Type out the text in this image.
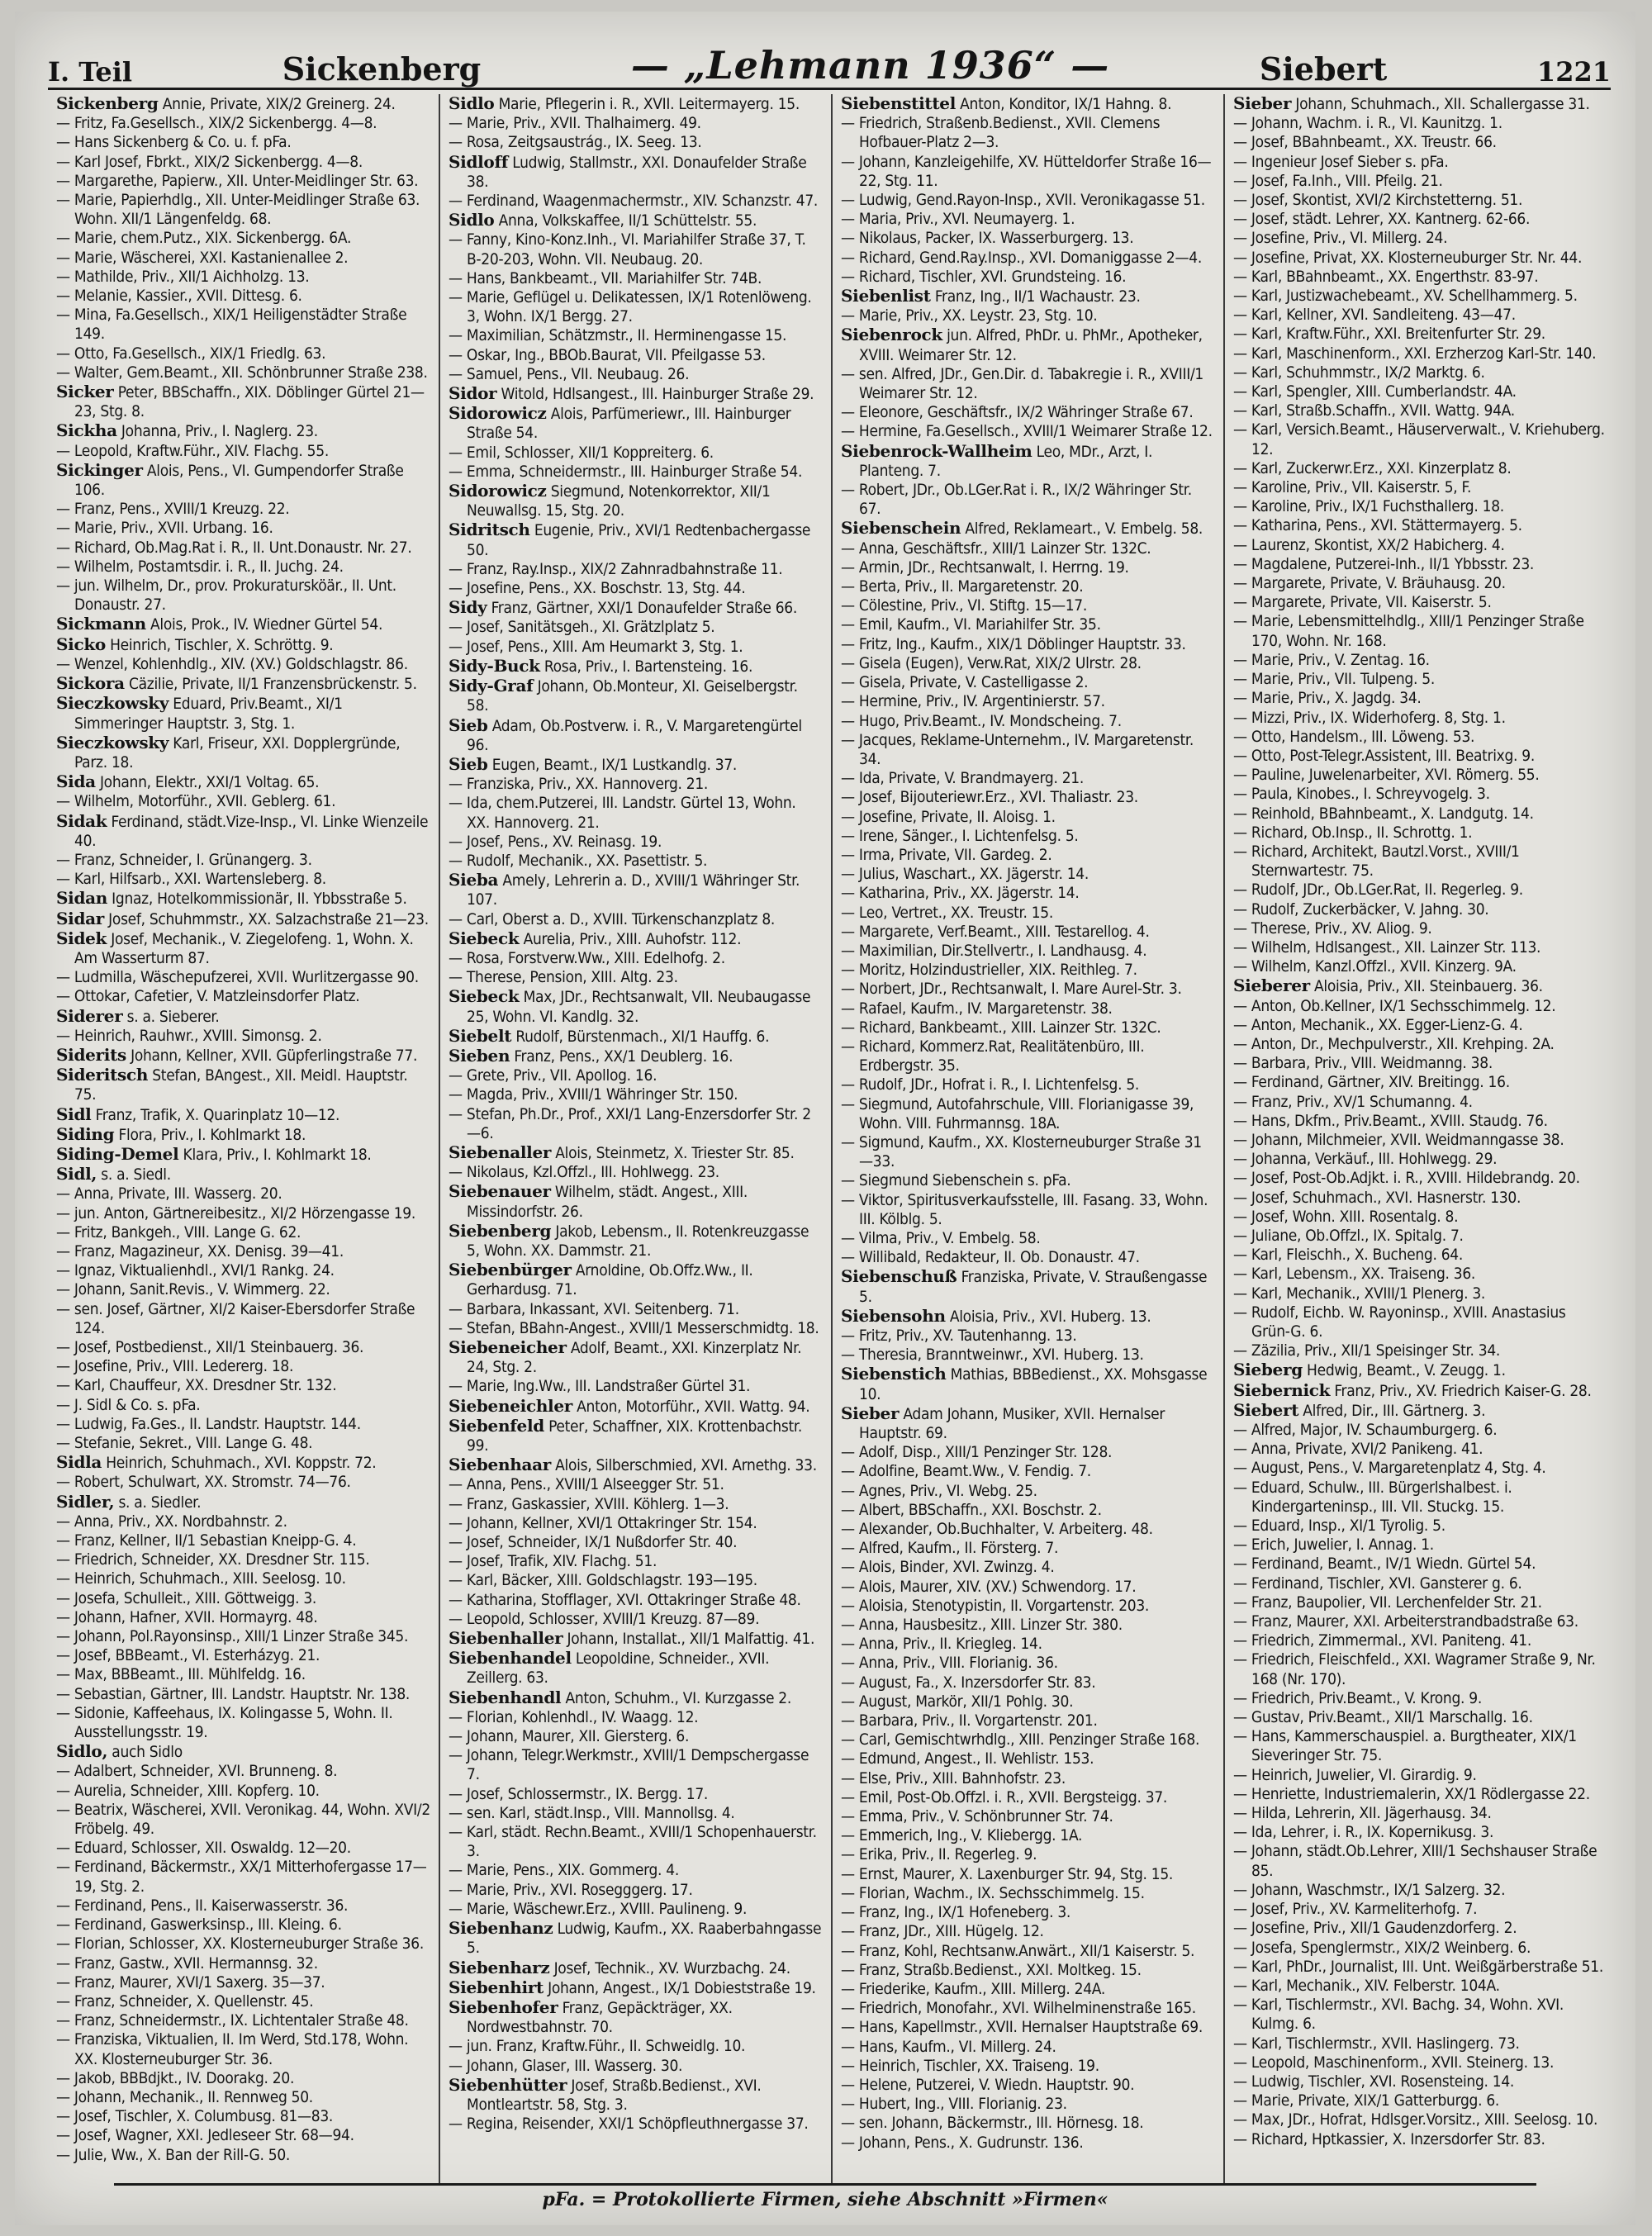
I. Teil	Sickenberg	— „Lehmann 1936“ —	Siebert	1221
Sickenberg Annie, Private, XIX/2 Greinerg. 24.
— Fritz, Fa.Gesellsch., XIX/2 Sickenbergg. 4—8.
— Hans Sickenberg & Co. u. f. pFa.
— Karl Josef, Fbrkt., XIX/2 Sickenbergg. 4—8.
— Margarethe, Papierw., XII. Unter-Meidlinger Str. 63.
— Marie, Papierhdlg., XII. Unter-Meidlinger Straße 63. Wohn. XII/1 Längenfeldg. 68.
— Marie, chem.Putz., XIX. Sickenbergg. 6A.
— Marie, Wäscherei, XXI. Kastanienallee 2.
— Mathilde, Priv., XII/1 Aichholzg. 13.
— Melanie, Kassier., XVII. Dittesg. 6.
— Mina, Fa.Gesellsch., XIX/1 Heiligenstädter Straße 149.
— Otto, Fa.Gesellsch., XIX/1 Friedlg. 63.
— Walter, Gem.Beamt., XII. Schönbrunner Straße 238.
Sicker Peter, BBSchaffn., XIX. Döblinger Gürtel 21—23, Stg. 8.
Sickha Johanna, Priv., I. Naglerg. 23.
— Leopold, Kraftw.Führ., XIV. Flachg. 55.
Sickinger Alois, Pens., VI. Gumpendorfer Straße 106.
— Franz, Pens., XVIII/1 Kreuzg. 22.
— Marie, Priv., XVII. Urbang. 16.
— Richard, Ob.Mag.Rat i. R., II. Unt.Donaustr. Nr. 27.
— Wilhelm, Postamtsdir. i. R., II. Juchg. 24.
— jun. Wilhelm, Dr., prov. Prokuratursköär., II. Unt. Donaustr. 27.
Sickmann Alois, Prok., IV. Wiedner Gürtel 54.
Sicko Heinrich, Tischler, X. Schröttg. 9.
— Wenzel, Kohlenhdlg., XIV. (XV.) Goldschlagstr. 86.
Sickora Cäzilie, Private, II/1 Franzensbrückenstr. 5.
Sieczkowsky Eduard, Priv.Beamt., XI/1 Simmeringer Hauptstr. 3, Stg. 1.
Sieczkowsky Karl, Friseur, XXI. Dopplergründe, Parz. 18.
Sida Johann, Elektr., XXI/1 Voltag. 65.
— Wilhelm, Motorführ., XVII. Geblerg. 61.
Sidak Ferdinand, städt.Vize-Insp., VI. Linke Wienzeile 40.
— Franz, Schneider, I. Grünangerg. 3.
— Karl, Hilfsarb., XXI. Wartensleberg. 8.
Sidan Ignaz, Hotelkommissionär, II. Ybbsstraße 5.
Sidar Josef, Schuhmmstr., XX. Salzachstraße 21—23.
Sidek Josef, Mechanik., V. Ziegelofeng. 1, Wohn. X. Am Wasserturm 87.
— Ludmilla, Wäschepufzerei, XVII. Wurlitzergasse 90.
— Ottokar, Cafetier, V. Matzleinsdorfer Platz.
Siderer s. a. Sieberer.
— Heinrich, Rauhwr., XVIII. Simonsg. 2.
Siderits Johann, Kellner, XVII. Güpferlingstraße 77.
Sideritsch Stefan, BAngest., XII. Meidl. Hauptstr. 75.
Sidl Franz, Trafik, X. Quarinplatz 10—12.
Siding Flora, Priv., I. Kohlmarkt 18.
Siding-Demel Klara, Priv., I. Kohlmarkt 18.
Sidl, s. a. Siedl.
— Anna, Private, III. Wasserg. 20.
— jun. Anton, Gärtnereibesitz., XI/2 Hörzengasse 19.
— Fritz, Bankgeh., VIII. Lange G. 62.
— Franz, Magazineur, XX. Denisg. 39—41.
— Ignaz, Viktualienhdl., XVI/1 Rankg. 24.
— Johann, Sanit.Revis., V. Wimmerg. 22.
— sen. Josef, Gärtner, XI/2 Kaiser-Ebersdorfer Straße 124.
— Josef, Postbedienst., XII/1 Steinbauerg. 36.
— Josefine, Priv., VIII. Ledererg. 18.
— Karl, Chauffeur, XX. Dresdner Str. 132.
— J. Sidl & Co. s. pFa.
— Ludwig, Fa.Ges., II. Landstr. Hauptstr. 144.
— Stefanie, Sekret., VIII. Lange G. 48.
Sidla Heinrich, Schuhmach., XVI. Koppstr. 72.
— Robert, Schulwart, XX. Stromstr. 74—76.
Sidler, s. a. Siedler.
— Anna, Priv., XX. Nordbahnstr. 2.
— Franz, Kellner, II/1 Sebastian Kneipp-G. 4.
— Friedrich, Schneider, XX. Dresdner Str. 115.
— Heinrich, Schuhmach., XIII. Seelosg. 10.
— Josefa, Schulleit., XIII. Göttweigg. 3.
— Johann, Hafner, XVII. Hormayrg. 48.
— Johann, Pol.Rayonsinsp., XIII/1 Linzer Straße 345.
— Josef, BBBeamt., VI. Esterházyg. 21.
— Max, BBBeamt., III. Mühlfeldg. 16.
— Sebastian, Gärtner, III. Landstr. Hauptstr. Nr. 138.
— Sidonie, Kaffeehaus, IX. Kolingasse 5, Wohn. II. Ausstellungsstr. 19.
Sidlo, auch Sidlo
— Adalbert, Schneider, XVI. Brunneng. 8.
— Aurelia, Schneider, XIII. Kopferg. 10.
— Beatrix, Wäscherei, XVII. Veronikag. 44, Wohn. XVI/2 Fröbelg. 49.
— Eduard, Schlosser, XII. Oswaldg. 12—20.
— Ferdinand, Bäckermstr., XX/1 Mitterhofergasse 17—19, Stg. 2.
— Ferdinand, Pens., II. Kaiserwasserstr. 36.
— Ferdinand, Gaswerksinsp., III. Kleing. 6.
— Florian, Schlosser, XX. Klosterneuburger Straße 36.
— Franz, Gastw., XVII. Hermannsg. 32.
— Franz, Maurer, XVI/1 Saxerg. 35—37.
— Franz, Schneider, X. Quellenstr. 45.
— Franz, Schneidermstr., IX. Lichtentaler Straße 48.
— Franziska, Viktualien, II. Im Werd, Std.178, Wohn. XX. Klosterneuburger Str. 36.
— Jakob, BBBdjkt., IV. Doorakg. 20.
— Johann, Mechanik., II. Rennweg 50.
— Josef, Tischler, X. Columbusg. 81—83.
— Josef, Wagner, XXI. Jedleseer Str. 68—94.
— Julie, Ww., X. Ban der Rill-G. 50.
Sidlo Marie, Pflegerin i. R., XVII. Leitermayerg. 15.
— Marie, Priv., XVII. Thalhaimerg. 49.
— Rosa, Zeitgsaustrág., IX. Seeg. 13.
Sidloff Ludwig, Stallmstr., XXI. Donaufelder Straße 38.
— Ferdinand, Waagenmachermstr., XIV. Schanzstr. 47.
Sidlo Anna, Volkskaffee, II/1 Schüttelstr. 55.
— Fanny, Kino-Konz.Inh., VI. Mariahilfer Straße 37, T. B-20-203, Wohn. VII. Neubaug. 20.
— Hans, Bankbeamt., VII. Mariahilfer Str. 74B.
— Marie, Geflügel u. Delikatessen, IX/1 Rotenlöweng. 3, Wohn. IX/1 Bergg. 27.
— Maximilian, Schätzmstr., II. Herminengasse 15.
— Oskar, Ing., BBOb.Baurat, VII. Pfeilgasse 53.
— Samuel, Pens., VII. Neubaug. 26.
Sidor Witold, Hdlsangest., III. Hainburger Straße 29.
Sidorowicz Alois, Parfümeriewr., III. Hainburger Straße 54.
— Emil, Schlosser, XII/1 Koppreiterg. 6.
— Emma, Schneidermstr., III. Hainburger Straße 54.
Sidorowicz Siegmund, Notenkorrektor, XII/1 Neuwallsg. 15, Stg. 20.
Sidritsch Eugenie, Priv., XVI/1 Redtenbachergasse 50.
— Franz, Ray.Insp., XIX/2 Zahnradbahnstraße 11.
— Josefine, Pens., XX. Boschstr. 13, Stg. 44.
Sidy Franz, Gärtner, XXI/1 Donaufelder Straße 66.
— Josef, Sanitätsgeh., XI. Grätzlplatz 5.
— Josef, Pens., XIII. Am Heumarkt 3, Stg. 1.
Sidy-Buck Rosa, Priv., I. Bartensteing. 16.
Sidy-Graf Johann, Ob.Monteur, XI. Geiselbergstr. 58.
Sieb Adam, Ob.Postverw. i. R., V. Margaretengürtel 96.
Sieb Eugen, Beamt., IX/1 Lustkandlg. 37.
— Franziska, Priv., XX. Hannoverg. 21.
— Ida, chem.Putzerei, III. Landstr. Gürtel 13, Wohn. XX. Hannoverg. 21.
— Josef, Pens., XV. Reinasg. 19.
— Rudolf, Mechanik., XX. Pasettistr. 5.
Sieba Amely, Lehrerin a. D., XVIII/1 Währinger Str. 107.
— Carl, Oberst a. D., XVIII. Türkenschanzplatz 8.
Siebeck Aurelia, Priv., XIII. Auhofstr. 112.
— Rosa, Forstverw.Ww., XIII. Edelhofg. 2.
— Therese, Pension, XIII. Altg. 23.
Siebeck Max, JDr., Rechtsanwalt, VII. Neubaugasse 25, Wohn. VI. Kandlg. 32.
Siebelt Rudolf, Bürstenmach., XI/1 Hauffg. 6.
Sieben Franz, Pens., XX/1 Deublerg. 16.
— Grete, Priv., VII. Apollog. 16.
— Magda, Priv., XVIII/1 Währinger Str. 150.
— Stefan, Ph.Dr., Prof., XXI/1 Lang-Enzersdorfer Str. 2—6.
Siebenaller Alois, Steinmetz, X. Triester Str. 85.
— Nikolaus, Kzl.Offzl., III. Hohlwegg. 23.
Siebenauer Wilhelm, städt. Angest., XIII. Missindorfstr. 26.
Siebenberg Jakob, Lebensm., II. Rotenkreuzgasse 5, Wohn. XX. Dammstr. 21.
Siebenbürger Arnoldine, Ob.Offz.Ww., II. Gerhardusg. 71.
— Barbara, Inkassant, XVI. Seitenberg. 71.
— Stefan, BBahn-Angest., XVIII/1 Messerschmidtg. 18.
Siebeneicher Adolf, Beamt., XXI. Kinzerplatz Nr. 24, Stg. 2.
— Marie, Ing.Ww., III. Landstraßer Gürtel 31.
Siebeneichler Anton, Motorführ., XVII. Wattg. 94.
Siebenfeld Peter, Schaffner, XIX. Krottenbachstr. 99.
Siebenhaar Alois, Silberschmied, XVI. Arnethg. 33.
— Anna, Pens., XVIII/1 Alseegger Str. 51.
— Franz, Gaskassier, XVIII. Köhlerg. 1—3.
— Johann, Kellner, XVI/1 Ottakringer Str. 154.
— Josef, Schneider, IX/1 Nußdorfer Str. 40.
— Josef, Trafik, XIV. Flachg. 51.
— Karl, Bäcker, XIII. Goldschlagstr. 193—195.
— Katharina, Stofflager, XVI. Ottakringer Straße 48.
— Leopold, Schlosser, XVIII/1 Kreuzg. 87—89.
Siebenhaller Johann, Installat., XII/1 Malfattig. 41.
Siebenhandel Leopoldine, Schneider., XVII. Zeillerg. 63.
Siebenhandl Anton, Schuhm., VI. Kurzgasse 2.
— Florian, Kohlenhdl., IV. Waagg. 12.
— Johann, Maurer, XII. Giersterg. 6.
— Johann, Telegr.Werkmstr., XVIII/1 Dempschergasse 7.
— Josef, Schlossermstr., IX. Bergg. 17.
— sen. Karl, städt.Insp., VIII. Mannollsg. 4.
— Karl, städt. Rechn.Beamt., XVIII/1 Schopenhauerstr. 3.
— Marie, Pens., XIX. Gommerg. 4.
— Marie, Priv., XVI. Rosegggerg. 17.
— Marie, Wäschewr.Erz., XVIII. Paulineng. 9.
Siebenhanz Ludwig, Kaufm., XX. Raaberbahngasse 5.
Siebenharz Josef, Technik., XV. Wurzbachg. 24.
Siebenhirt Johann, Angest., IX/1 Dobieststraße 19.
Siebenhofer Franz, Gepäckträger, XX. Nordwestbahnstr. 70.
— jun. Franz, Kraftw.Führ., II. Schweidlg. 10.
— Johann, Glaser, III. Wasserg. 30.
Siebenhütter Josef, Straßb.Bedienst., XVI. Montleartstr. 58, Stg. 3.
— Regina, Reisender, XXI/1 Schöpfleuthnergasse 37.
Siebenstittel Anton, Konditor, IX/1 Hahng. 8.
— Friedrich, Straßenb.Bedienst., XVII. Clemens Hofbauer-Platz 2—3.
— Johann, Kanzleigehilfe, XV. Hütteldorfer Straße 16—22, Stg. 11.
— Ludwig, Gend.Rayon-Insp., XVII. Veronikagasse 51.
— Maria, Priv., XVI. Neumayerg. 1.
— Nikolaus, Packer, IX. Wasserburgerg. 13.
— Richard, Gend.Ray.Insp., XVI. Domaniggasse 2—4.
— Richard, Tischler, XVI. Grundsteing. 16.
Siebenlist Franz, Ing., II/1 Wachaustr. 23.
— Marie, Priv., XX. Leystr. 23, Stg. 10.
Siebenrock jun. Alfred, PhDr. u. PhMr., Apotheker, XVIII. Weimarer Str. 12.
— sen. Alfred, JDr., Gen.Dir. d. Tabakregie i. R., XVIII/1 Weimarer Str. 12.
— Eleonore, Geschäftsfr., IX/2 Währinger Straße 67.
— Hermine, Fa.Gesellsch., XVIII/1 Weimarer Straße 12.
Siebenrock-Wallheim Leo, MDr., Arzt, I. Planteng. 7.
— Robert, JDr., Ob.LGer.Rat i. R., IX/2 Währinger Str. 67.
Siebenschein Alfred, Reklameart., V. Embelg. 58.
— Anna, Geschäftsfr., XIII/1 Lainzer Str. 132C.
— Armin, JDr., Rechtsanwalt, I. Herrng. 19.
— Berta, Priv., II. Margaretenstr. 20.
— Cölestine, Priv., VI. Stiftg. 15—17.
— Emil, Kaufm., VI. Mariahilfer Str. 35.
— Fritz, Ing., Kaufm., XIX/1 Döblinger Hauptstr. 33.
— Gisela (Eugen), Verw.Rat, XIX/2 Ulrstr. 28.
— Gisela, Private, V. Castelligasse 2.
— Hermine, Priv., IV. Argentinierstr. 57.
— Hugo, Priv.Beamt., IV. Mondscheing. 7.
— Jacques, Reklame-Unternehm., IV. Margaretenstr. 34.
— Ida, Private, V. Brandmayerg. 21.
— Josef, Bijouteriewr.Erz., XVI. Thaliastr. 23.
— Josefine, Private, II. Aloisg. 1.
— Irene, Sänger., I. Lichtenfelsg. 5.
— Irma, Private, VII. Gardeg. 2.
— Julius, Waschart., XX. Jägerstr. 14.
— Katharina, Priv., XX. Jägerstr. 14.
— Leo, Vertret., XX. Treustr. 15.
— Margarete, Verf.Beamt., XIII. Testarellog. 4.
— Maximilian, Dir.Stellvertr., I. Landhausg. 4.
— Moritz, Holzindustrieller, XIX. Reithleg. 7.
— Norbert, JDr., Rechtsanwalt, I. Mare Aurel-Str. 3.
— Rafael, Kaufm., IV. Margaretenstr. 38.
— Richard, Bankbeamt., XIII. Lainzer Str. 132C.
— Richard, Kommerz.Rat, Realitätenbüro, III. Erdbergstr. 35.
— Rudolf, JDr., Hofrat i. R., I. Lichtenfelsg. 5.
— Siegmund, Autofahrschule, VIII. Florianigasse 39, Wohn. VIII. Fuhrmannsg. 18A.
— Sigmund, Kaufm., XX. Klosterneuburger Straße 31—33.
— Siegmund Siebenschein s. pFa.
— Viktor, Spiritusverkaufsstelle, III. Fasang. 33, Wohn. III. Kölblg. 5.
— Vilma, Priv., V. Embelg. 58.
— Willibald, Redakteur, II. Ob. Donaustr. 47.
Siebenschuß Franziska, Private, V. Straußengasse 5.
Siebensohn Aloisia, Priv., XVI. Huberg. 13.
— Fritz, Priv., XV. Tautenhanng. 13.
— Theresia, Branntweinwr., XVI. Huberg. 13.
Siebenstich Mathias, BBBedienst., XX. Mohsgasse 10.
Sieber Adam Johann, Musiker, XVII. Hernalser Hauptstr. 69.
— Adolf, Disp., XIII/1 Penzinger Str. 128.
— Adolfine, Beamt.Ww., V. Fendig. 7.
— Agnes, Priv., VI. Webg. 25.
— Albert, BBSchaffn., XXI. Boschstr. 2.
— Alexander, Ob.Buchhalter, V. Arbeiterg. 48.
— Alfred, Kaufm., II. Försterg. 7.
— Alois, Binder, XVI. Zwinzg. 4.
— Alois, Maurer, XIV. (XV.) Schwendorg. 17.
— Aloisia, Stenotypistin, II. Vorgartenstr. 203.
— Anna, Hausbesitz., XIII. Linzer Str. 380.
— Anna, Priv., II. Kriegleg. 14.
— Anna, Priv., VIII. Florianig. 36.
— August, Fa., X. Inzersdorfer Str. 83.
— August, Markör, XII/1 Pohlg. 30.
— Barbara, Priv., II. Vorgartenstr. 201.
— Carl, Gemischtwrhdlg., XIII. Penzinger Straße 168.
— Edmund, Angest., II. Wehlistr. 153.
— Else, Priv., XIII. Bahnhofstr. 23.
— Emil, Post-Ob.Offzl. i. R., XVII. Bergsteigg. 37.
— Emma, Priv., V. Schönbrunner Str. 74.
— Emmerich, Ing., V. Kliebergg. 1A.
— Erika, Priv., II. Regerleg. 9.
— Ernst, Maurer, X. Laxenburger Str. 94, Stg. 15.
— Florian, Wachm., IX. Sechsschimmelg. 15.
— Franz, Ing., IX/1 Hofeneberg. 3.
— Franz, JDr., XIII. Hügelg. 12.
— Franz, Kohl, Rechtsanw.Anwärt., XII/1 Kaiserstr. 5.
— Franz, Straßb.Bedienst., XXI. Moltkeg. 15.
— Friederike, Kaufm., XIII. Millerg. 24A.
— Friedrich, Monofahr., XVI. Wilhelminenstraße 165.
— Hans, Kapellmstr., XVII. Hernalser Hauptstraße 69.
— Hans, Kaufm., VI. Millerg. 24.
— Heinrich, Tischler, XX. Traiseng. 19.
— Helene, Putzerei, V. Wiedn. Hauptstr. 90.
— Hubert, Ing., VIII. Florianig. 23.
— sen. Johann, Bäckermstr., III. Hörnesg. 18.
— Johann, Pens., X. Gudrunstr. 136.
Sieber Johann, Schuhmach., XII. Schallergasse 31.
— Johann, Wachm. i. R., VI. Kaunitzg. 1.
— Josef, BBahnbeamt., XX. Treustr. 66.
— Ingenieur Josef Sieber s. pFa.
— Josef, Fa.Inh., VIII. Pfeilg. 21.
— Josef, Skontist, XVI/2 Kirchstetterng. 51.
— Josef, städt. Lehrer, XX. Kantnerg. 62-66.
— Josefine, Priv., VI. Millerg. 24.
— Josefine, Privat, XX. Klosterneuburger Str. Nr. 44.
— Karl, BBahnbeamt., XX. Engerthstr. 83-97.
— Karl, Justizwachebeamt., XV. Schellhammerg. 5.
— Karl, Kellner, XVI. Sandleiteng. 43—47.
— Karl, Kraftw.Führ., XXI. Breitenfurter Str. 29.
— Karl, Maschinenform., XXI. Erzherzog Karl-Str. 140.
— Karl, Schuhmmstr., IX/2 Marktg. 6.
— Karl, Spengler, XIII. Cumberlandstr. 4A.
— Karl, Straßb.Schaffn., XVII. Wattg. 94A.
— Karl, Versich.Beamt., Häuserverwalt., V. Kriehuberg. 12.
— Karl, Zuckerwr.Erz., XXI. Kinzerplatz 8.
— Karoline, Priv., VII. Kaiserstr. 5, F.
— Karoline, Priv., IX/1 Fuchsthallerg. 18.
— Katharina, Pens., XVI. Stättermayerg. 5.
— Laurenz, Skontist, XX/2 Habicherg. 4.
— Magdalene, Putzerei-Inh., II/1 Ybbsstr. 23.
— Margarete, Private, V. Bräuhausg. 20.
— Margarete, Private, VII. Kaiserstr. 5.
— Marie, Lebensmittelhdlg., XIII/1 Penzinger Straße 170, Wohn. Nr. 168.
— Marie, Priv., V. Zentag. 16.
— Marie, Priv., VII. Tulpeng. 5.
— Marie, Priv., X. Jagdg. 34.
— Mizzi, Priv., IX. Widerhoferg. 8, Stg. 1.
— Otto, Handelsm., III. Löweng. 53.
— Otto, Post-Telegr.Assistent, III. Beatrixg. 9.
— Pauline, Juwelenarbeiter, XVI. Römerg. 55.
— Paula, Kinobes., I. Schreyvogelg. 3.
— Reinhold, BBahnbeamt., X. Landgutg. 14.
— Richard, Ob.Insp., II. Schrottg. 1.
— Richard, Architekt, Bautzl.Vorst., XVIII/1 Sternwartestr. 75.
— Rudolf, JDr., Ob.LGer.Rat, II. Regerleg. 9.
— Rudolf, Zuckerbäcker, V. Jahng. 30.
— Therese, Priv., XV. Aliog. 9.
— Wilhelm, Hdlsangest., XII. Lainzer Str. 113.
— Wilhelm, Kanzl.Offzl., XVII. Kinzerg. 9A.
Sieberer Aloisia, Priv., XII. Steinbauerg. 36.
— Anton, Ob.Kellner, IX/1 Sechsschimmelg. 12.
— Anton, Mechanik., XX. Egger-Lienz-G. 4.
— Anton, Dr., Mechpulverstr., XII. Krehping. 2A.
— Barbara, Priv., VIII. Weidmanng. 38.
— Ferdinand, Gärtner, XIV. Breitingg. 16.
— Franz, Priv., XV/1 Schumanng. 4.
— Hans, Dkfm., Priv.Beamt., XVIII. Staudg. 76.
— Johann, Milchmeier, XVII. Weidmanngasse 38.
— Johanna, Verkäuf., III. Hohlwegg. 29.
— Josef, Post-Ob.Adjkt. i. R., XVIII. Hildebrandg. 20.
— Josef, Schuhmach., XVI. Hasnerstr. 130.
— Josef, Wohn. XIII. Rosentalg. 8.
— Juliane, Ob.Offzl., IX. Spitalg. 7.
— Karl, Fleischh., X. Bucheng. 64.
— Karl, Lebensm., XX. Traiseng. 36.
— Karl, Mechanik., XVIII/1 Plenerg. 3.
— Rudolf, Eichb. W. Rayoninsp., XVIII. Anastasius Grün-G. 6.
— Zäzilia, Priv., XII/1 Speisinger Str. 34.
Sieberg Hedwig, Beamt., V. Zeugg. 1.
Siebernick Franz, Priv., XV. Friedrich Kaiser-G. 28.
Siebert Alfred, Dir., III. Gärtnerg. 3.
— Alfred, Major, IV. Schaumburgerg. 6.
— Anna, Private, XVI/2 Panikeng. 41.
— August, Pens., V. Margaretenplatz 4, Stg. 4.
— Eduard, Schulw., III. Bürgerlshalbest. i. Kindergarteninsp., III. VII. Stuckg. 15.
— Eduard, Insp., XI/1 Tyrolig. 5.
— Erich, Juwelier, I. Annag. 1.
— Ferdinand, Beamt., IV/1 Wiedn. Gürtel 54.
— Ferdinand, Tischler, XVI. Gansterer g. 6.
— Franz, Baupolier, VII. Lerchenfelder Str. 21.
— Franz, Maurer, XXI. Arbeiterstrandbadstraße 63.
— Friedrich, Zimmermal., XVI. Paniteng. 41.
— Friedrich, Fleischfeld., XXI. Wagramer Straße 9, Nr. 168 (Nr. 170).
— Friedrich, Priv.Beamt., V. Krong. 9.
— Gustav, Priv.Beamt., XII/1 Marschallg. 16.
— Hans, Kammerschauspiel. a. Burgtheater, XIX/1 Sieveringer Str. 75.
— Heinrich, Juwelier, VI. Girardig. 9.
— Henriette, Industriemalerin, XX/1 Rödlergasse 22.
— Hilda, Lehrerin, XII. Jägerhausg. 34.
— Ida, Lehrer, i. R., IX. Kopernikusg. 3.
— Johann, städt.Ob.Lehrer, XIII/1 Sechshauser Straße 85.
— Johann, Waschmstr., IX/1 Salzerg. 32.
— Josef, Priv., XV. Karmeliterhofg. 7.
— Josefine, Priv., XII/1 Gaudenzdorferg. 2.
— Josefa, Spenglermstr., XIX/2 Weinberg. 6.
— Karl, PhDr., Journalist, III. Unt. Weißgärberstraße 51.
— Karl, Mechanik., XIV. Felberstr. 104A.
— Karl, Tischlermstr., XVI. Bachg. 34, Wohn. XVI. Kulmg. 6.
— Karl, Tischlermstr., XVII. Haslingerg. 73.
— Leopold, Maschinenform., XVII. Steinerg. 13.
— Ludwig, Tischler, XVI. Rosensteing. 14.
— Marie, Private, XIX/1 Gatterburgg. 6.
— Max, JDr., Hofrat, Hdlsger.Vorsitz., XIII. Seelosg. 10.
— Richard, Hptkassier, X. Inzersdorfer Str. 83.
pFa. = Protokollierte Firmen, siehe Abschnitt »Firmen«
